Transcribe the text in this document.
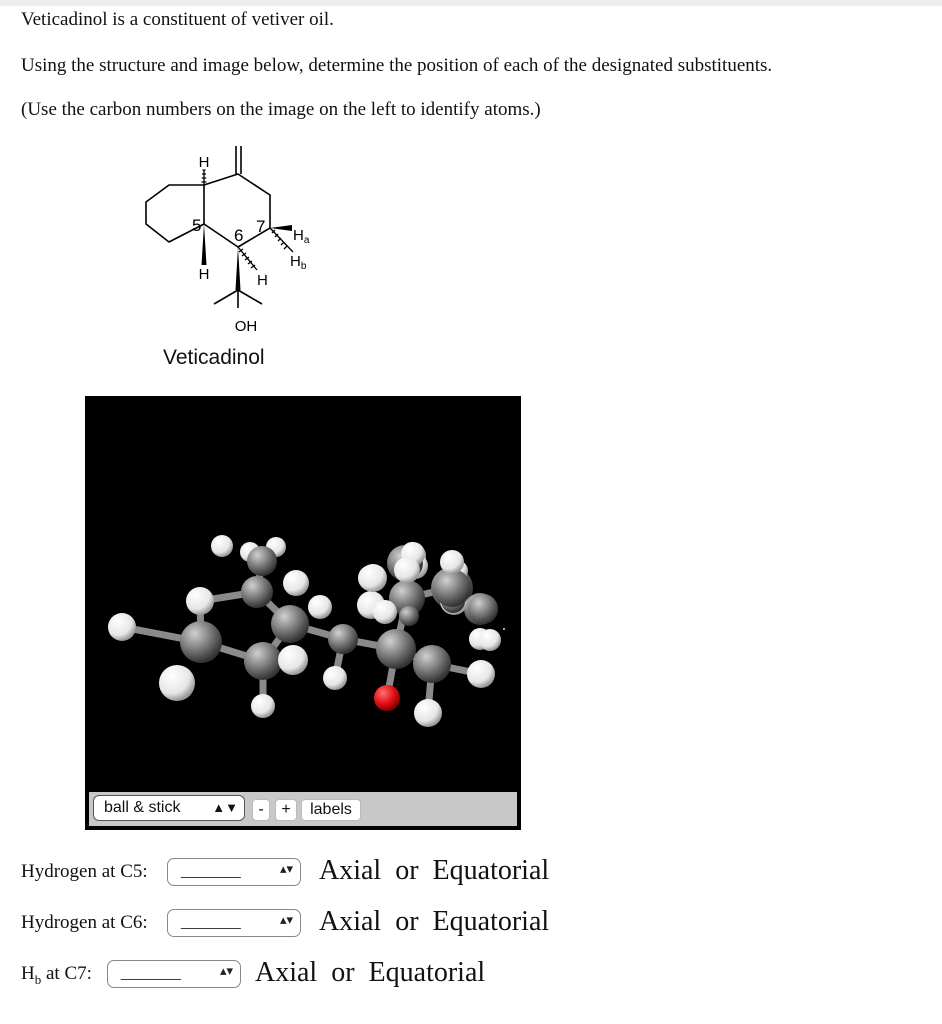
Veticadinol is a constituent of vetiver oil.

Using the structure and image below, determine the position of each of the designated substituents.

(Use the carbon numbers on the image on the left to identify atoms.)

H
5
6 7
H	H
$H_a$
$H_b$
OH
Veticadinol
ball & stick ▲▼	-	+	labels
Hydrogen at C5: ________	▴▾ Axial or Equatorial
Hydrogen at C6: ________	▴▾ Axial or Equatorial
$H_b$ at C7: ________	▴▾ Axial or Equatorial
